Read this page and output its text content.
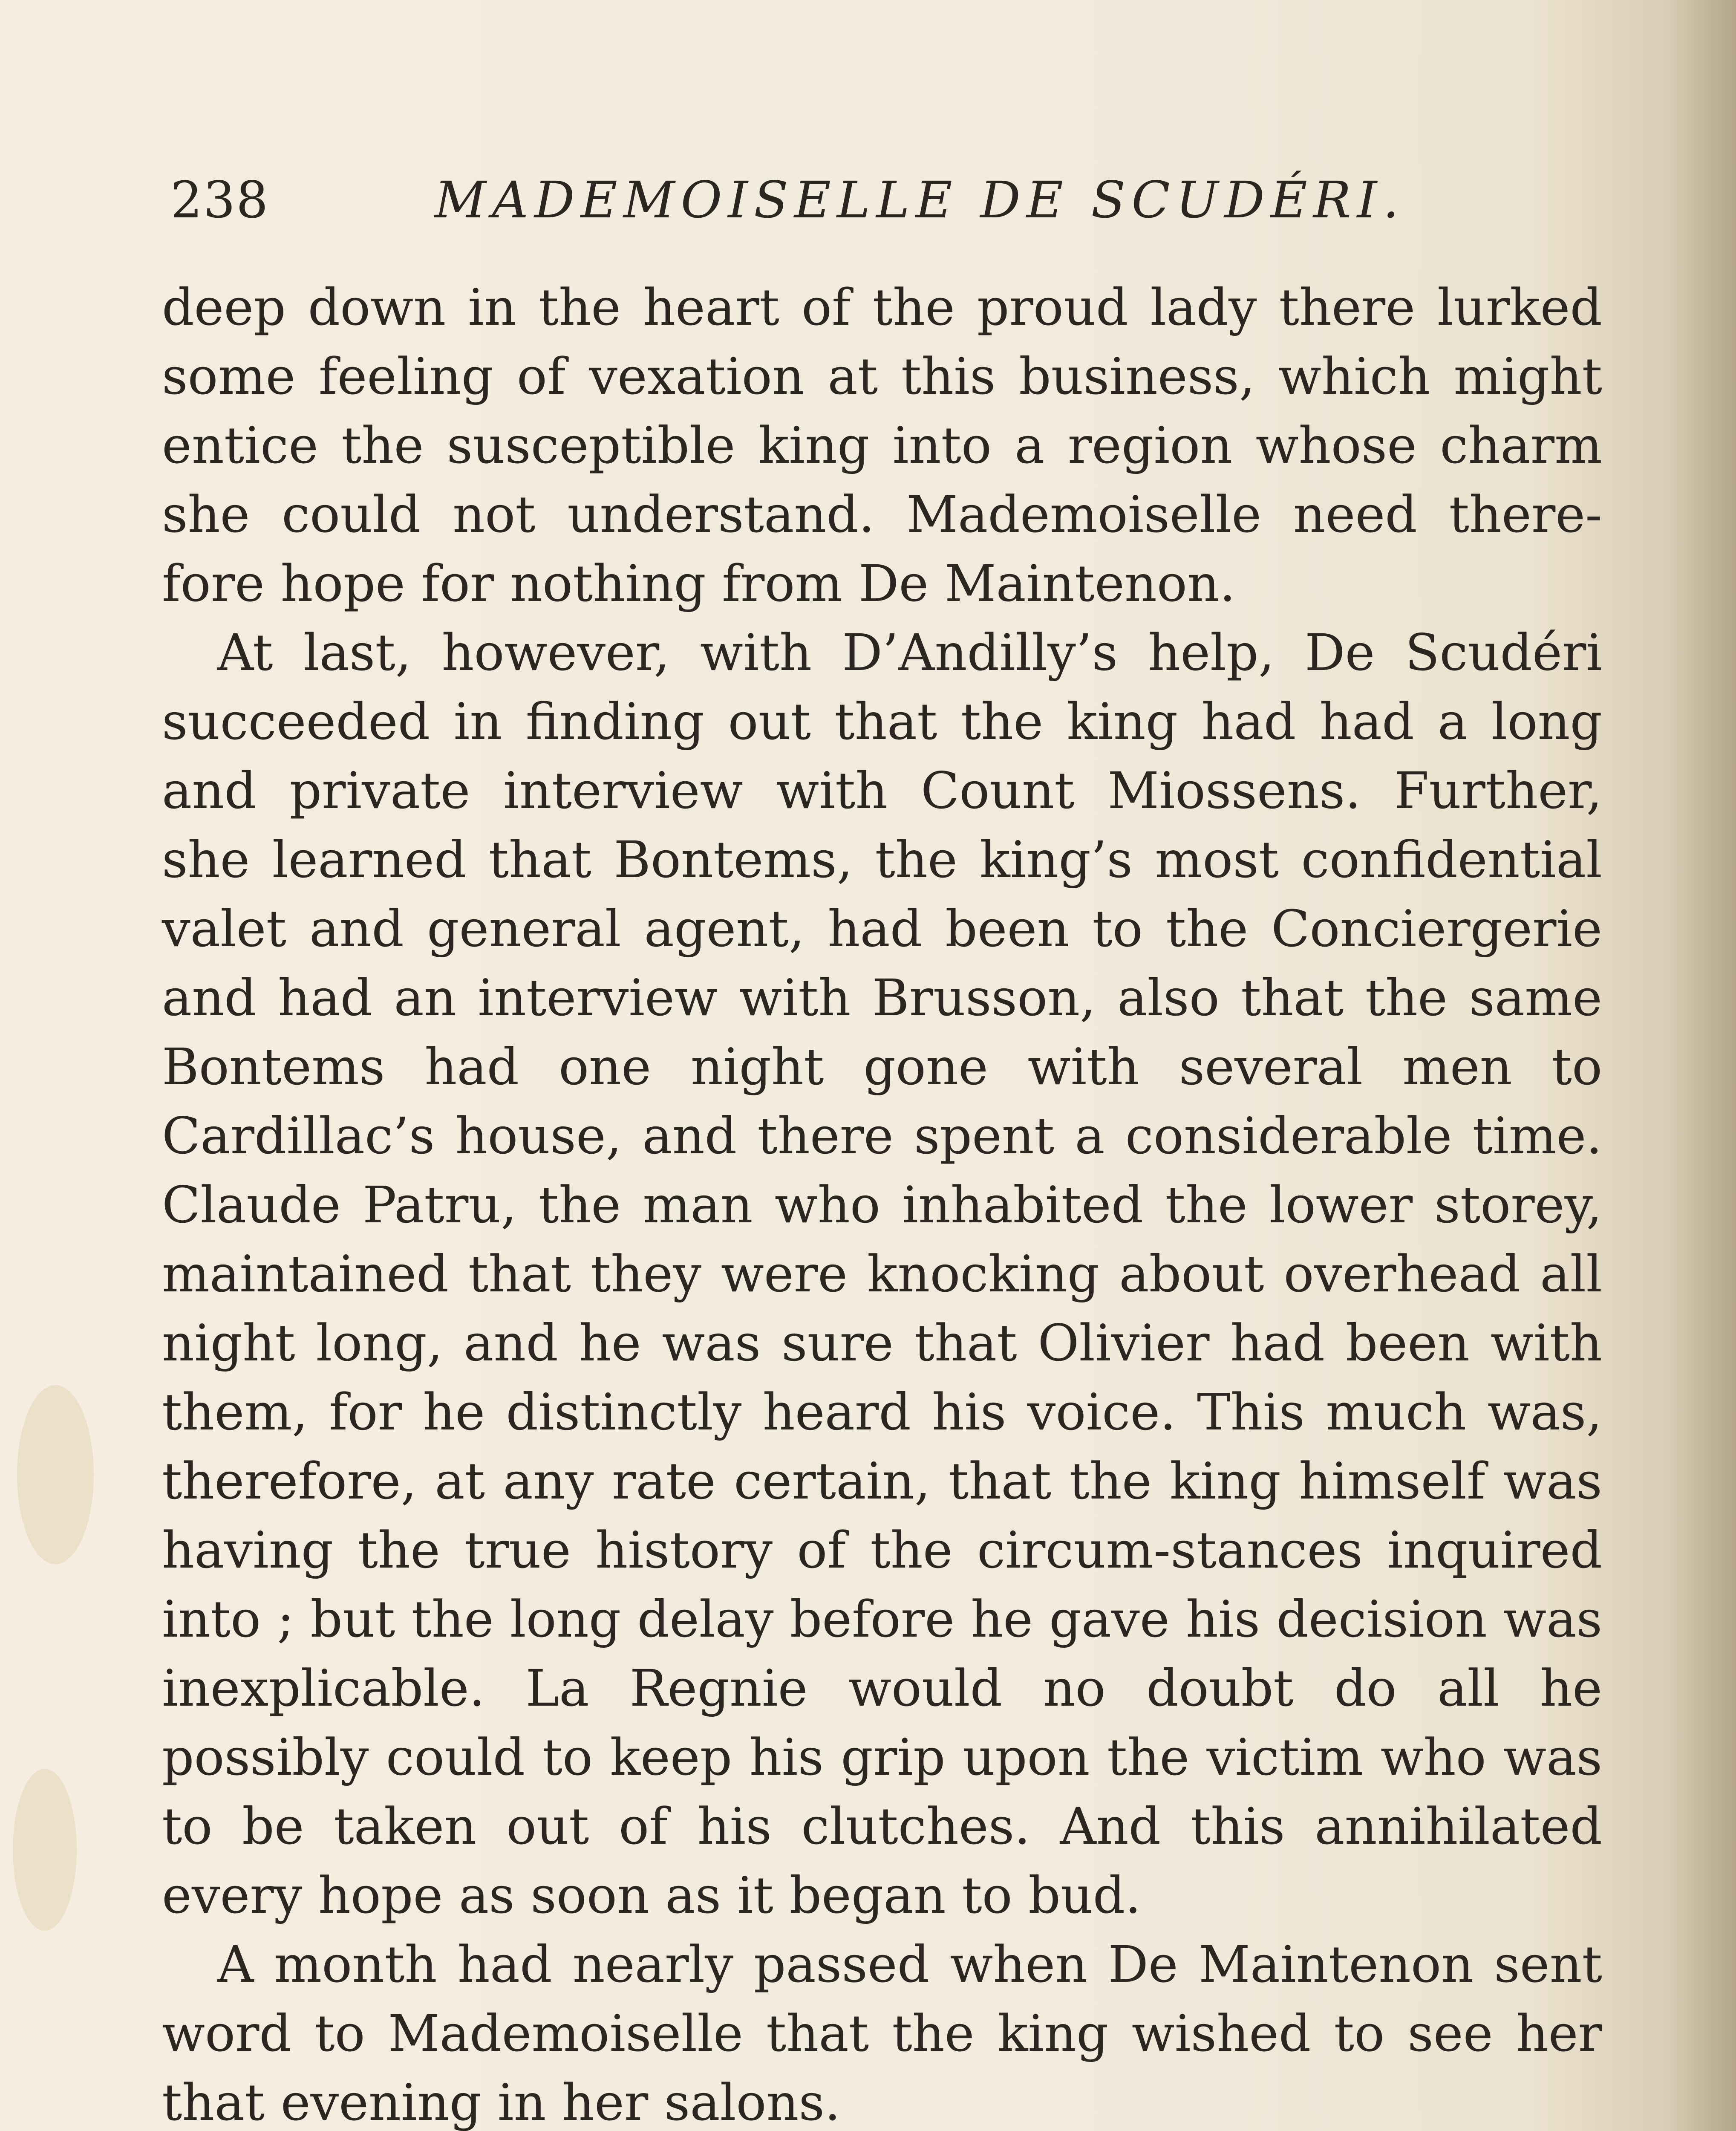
238	MADEMOISELLE DE SCUDÉRI.

deep down in the heart of the proud lady there lurked some feeling of vexation at this business, which might entice the susceptible king into a region whose charm she could not understand. Mademoiselle need there-fore hope for nothing from De Maintenon.

At last, however, with D’Andilly’s help, De Scudéri succeeded in finding out that the king had had a long and private interview with Count Miossens. Further, she learned that Bontems, the king’s most confidential valet and general agent, had been to the Conciergerie and had an interview with Brusson, also that the same Bontems had one night gone with several men to Cardillac’s house, and there spent a considerable time. Claude Patru, the man who inhabited the lower storey, maintained that they were knocking about overhead all night long, and he was sure that Olivier had been with them, for he distinctly heard his voice. This much was, therefore, at any rate certain, that the king himself was having the true history of the circum-stances inquired into ; but the long delay before he gave his decision was inexplicable. La Regnie would no doubt do all he possibly could to keep his grip upon the victim who was to be taken out of his clutches. And this annihilated every hope as soon as it began to bud.

A month had nearly passed when De Maintenon sent word to Mademoiselle that the king wished to see her that evening in her salons.
